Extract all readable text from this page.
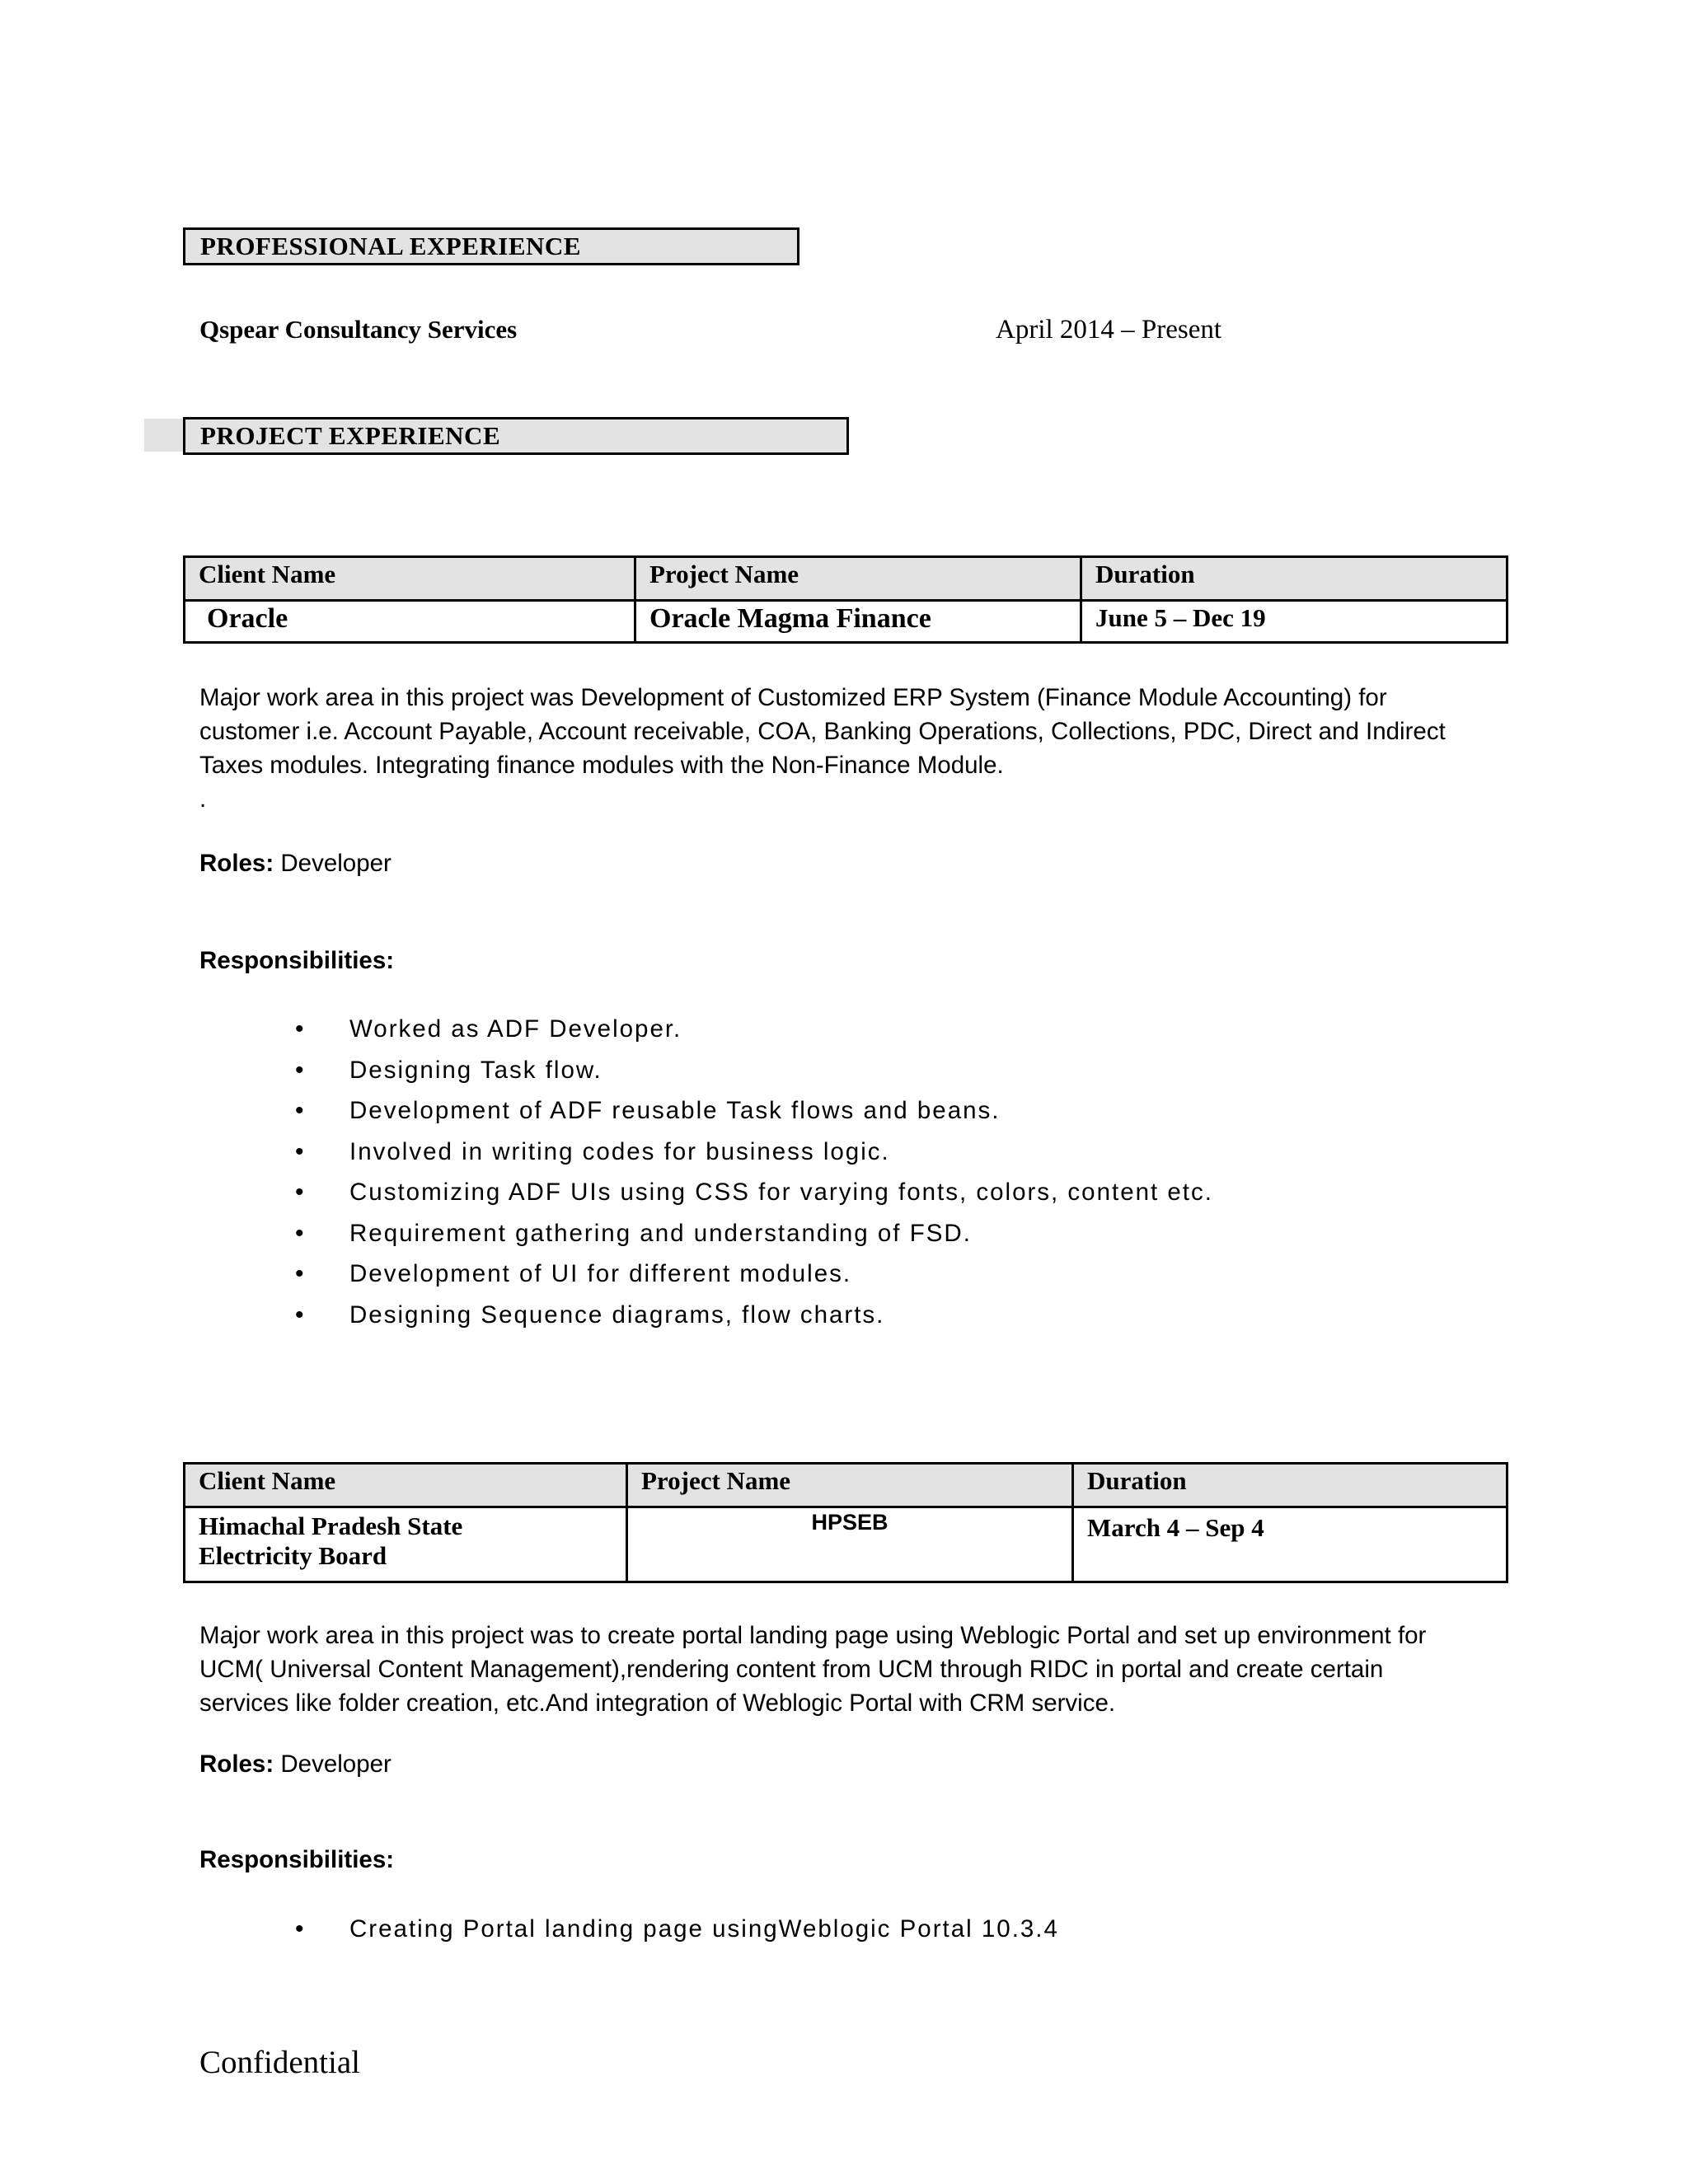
PROFESSIONAL EXPERIENCE
Qspear Consultancy Services	April 2014 – Present
PROJECT EXPERIENCE
Client Name	Project Name	Duration
Oracle	Oracle Magma Finance	June 5 – Dec 19
Major work area in this project was Development of Customized ERP System (Finance Module Accounting) for
customer i.e. Account Payable, Account receivable, COA, Banking Operations, Collections, PDC, Direct and Indirect
Taxes modules. Integrating finance modules with the Non-Finance Module.
.
Roles: Developer
Responsibilities:
• Worked as ADF Developer.
• Designing Task flow.
• Development of ADF reusable Task flows and beans.
• Involved in writing codes for business logic.
• Customizing ADF UIs using CSS for varying fonts, colors, content etc.
• Requirement gathering and understanding of FSD.
• Development of UI for different modules.
• Designing Sequence diagrams, flow charts.
Client Name	Project Name	Duration

Himachal Pradesh State
Electricity Board	HPSEB	March 4 – Sep 4
Major work area in this project was to create portal landing page using Weblogic Portal and set up environment for
UCM( Universal Content Management),rendering content from UCM through RIDC in portal and create certain
services like folder creation, etc.And integration of Weblogic Portal with CRM service.
Roles: Developer
Responsibilities:
• Creating Portal landing page usingWeblogic Portal 10.3.4
Confidential
